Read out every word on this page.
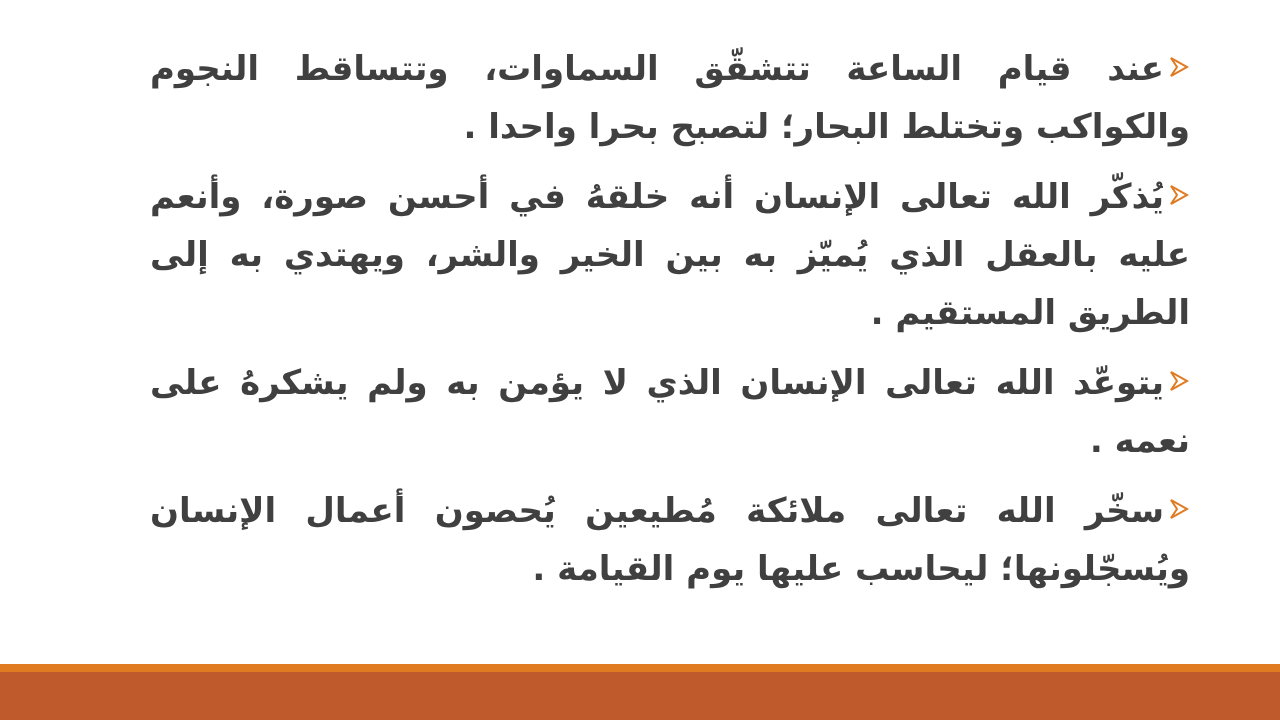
عند قيام الساعة تتشقّق السماوات، وتتساقط النجوم والكواكب وتختلط البحار؛ لتصبح بحرا واحدا .

يُذكّر الله تعالى الإنسان أنه خلقهُ في أحسن صورة، وأنعم عليه بالعقل الذي يُميّز به بين الخير والشر، ويهتدي به إلى الطريق المستقيم .

يتوعّد الله تعالى الإنسان الذي لا يؤمن به ولم يشكرهُ على نعمه .

سخّر الله تعالى ملائكة مُطيعين يُحصون أعمال الإنسان ويُسجّلونها؛ ليحاسب عليها يوم القيامة .
